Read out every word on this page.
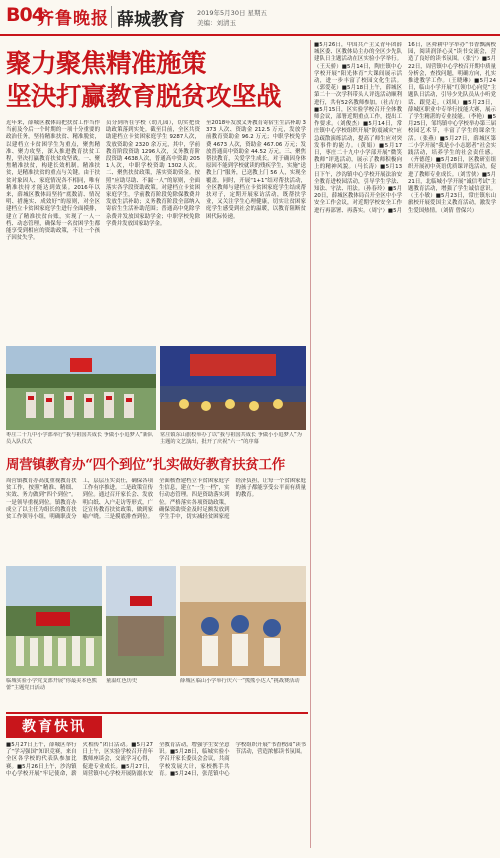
B04
齐鲁晚报 薛城教育 2019年5月30日 星期五
美编：刘清玉
聚力聚焦精准施策
坚決打赢教育脱贫攻坚战
近年来，薛城区教体局把扶贫工作当作当前及今后一个时期的一项十分重要的政治任务，坚持精准扶贫、精准脱贫，以建档立卡贫困学生为重点，聚焦精准、聚力攻坚，深入推进教育扶贫工程，坚决打赢教育扶贫攻坚战。一、聚焦精准扶贫，构建长效机制。精准扶贫，是精准扶贫的重点与关键。由于扶贫对象因人、家庭情况各不相同，唯有精准扶持才能达到效果。2016年以来，薛城区教体局坚持“底数清、情况明、措施实、成效好”的原则，对全区建档立卡贫困家庭学生进行全面摸排，建立了精准扶贫台账，实现了一人一档、动态管理，确保每一名贫困学生都能享受到相应的资助政策，不让一个孩子因贫失学。
员分到所在学校（幼儿园），切实把资助政策落到实处。截至目前，全区共资助建档立卡贫困家庭学生 9287人次，发放资助金 2320 余万元，其中，学前教育阶段资助 1296人次，义务教育阶段资助 4638人次，普通高中资助 2051人次，中职学校资助 1302人次。二、聚焦扶贫政策，落实资助资金。按照“应助尽助、不漏一人”的原则，全面落实各学段资助政策。对建档立卡贫困家庭学生，学前教育阶段免除保教费并发放生活补助；义务教育阶段全部纳入寄宿生生活补助范围；普通高中免除学杂费并发放国家助学金；中职学校免除学费并发放国家助学金。
至2018年发放义务教育寄宿生生活补助 3373 人次、资助金 212.5 万元，发放学前教育资助金 96.2 万元；中职学校免学费 4673 人次，资助金 467.06 万元；发放普通高中资助金 44.52 万元。三、聚焦帮扶教育，关爱学生成长。对于确因身体原因不能到学校就读的残疾学生，实施“送教上门”服务，已送教上门 56 人，实现全覆盖。同时，开展“1+1”结对帮扶活动，全区教师与建档立卡贫困家庭学生结成帮扶对子，定期开展家访活动，既帮扶学业，又关注学生心理健康，切实让贫困家庭学生感受到社会的温暖，以教育阻断贫困代际传递。
枣庄二十九中小学部举行“我与祖国共成长 争做小小追梦人”新队员入队仪式
常庄镇东山旅校举办了以“我与祖国共成长 争做小小追梦人”为主题的文艺演出，批开了庆祝“六一”的序幕
周营镇教育办“四个到位”扎实做好教育扶贫工作
周营镇教育办高度重视教育扶贫工作，按照“精准、精细、实效、务力做到”四个到位”。一是领导重视到位。镇教育办成立了以主任为组长的教育扶贫工作领导小组，明确职责分工，层层压实责任，确保各项工作有序推进。二是政策宣传到位。通过召开家长会、发放明白纸、入户走访等形式，广泛宣传教育扶贫政策，做到家喻户晓。三是摸底排查到位。全面核查建档立卡贫困家庭学生信息，建立“一生一档”，实行动态管理。四是资助落实到位。严格落实各项资助政策，确保资助资金及时足额发放到学生手中，切实减轻贫困家庭经济负担，让每一个贫困家庭的孩子都能享受公平而有质量的教育。
临城实验小学党支部开展“你最美本色熊蕾”主题党日活动
童温红色历史	薛城区临山小学举行庆六一“熊熊小达人”挑战赛活动
教育快讯
■5月27日上午，薛城区举行了“学习强国”知识竞赛，来自全区各学校的代表队参加比赛。■5月26日上午，沙沟镇中心学校开展“牢记使命，薪火相传”团日活动。■5月27日上午，区实验学校召开青年教师座谈会，交流学习心得，促进专业成长。■5月27日，周营镇中心学校开展防溺水安全教育活动，增强学生安全意识。■5月28日，临城实验小学召开家长委员会会议，共商学校发展大计，家校携手共育。■5月24日，张范镇中心学校组织开展“书香校园”读书节活动，营造浓郁读书氛围。
■5月26日，中国共产主义青年团薛城区委、区教体局主办的全区少先队建队日主题活动在区实验小学举行。（王天骄）■5月14日，陶庄镇中心学校开展“阳光体育”大课间展示活动，进一步丰富了校园文化生活。（郭爱花）■5月18日上午，薛城区第二十一次学科带头人评选活动顺利进行，共有52名教师参加。（社吉方）■5月15日，区实验学校召开全体教师会议，部署近期重点工作，提出工作要求。（刘俊杰）■5月14日，常庄镇中心学校组织开展“防震减灾”应急疏散演练活动，提高了师生应对突发事件的能力。（黄娟）■5月17日，枣庄二十九中小学部开展“微笑教师”评选活动，展示了教师积极向上的精神风貌。（马长涛）■5月13日下午，沙沟镇中心学校开展法治安全教育进校园活动，引导学生学法、知法、守法、用法。（孙春玲）■5月20日，薛城区教体局召开全区中小学安全工作会议，对近期学校安全工作进行再部署、再落实。（周宁）■5月16日，区舜耕中学举办“书香飘满校园，阅读润泽心灵”读书交流会，营造了良好的读书氛围。（张宁）■5月22日，周营镇中心学校召开期中质量分析会，查找问题，明确方向，扎实推进教学工作。（王晓琳）■5月24日，临山小学开展“红领巾心向党”主题队日活动，引导少先队员从小听党话、跟党走。（刘凤）■5月23日，薛城区职业中专举行技能大赛，展示了学生精湛的专业技能。（李艳）■5月25日，邹坞镇中心学校举办第三届校园艺术节，丰富了学生的课余生活。（张燕）■5月27日，薛城区第二小学开展“我是小小志愿者”社会实践活动，培养学生的社会责任感。（齐德莲）■5月28日，区教研室组织开展初中英语优质课评选活动，促进了教师专业成长。（刘雪侠）■5月21日，北临城小学开展“诚信考试”主题教育活动，增强了学生诚信意识。（王小敏）■5月23日，常庄镇东山旅校开展爱国主义教育活动，激发学生爱国热情。（刘倩 曾保兴）
